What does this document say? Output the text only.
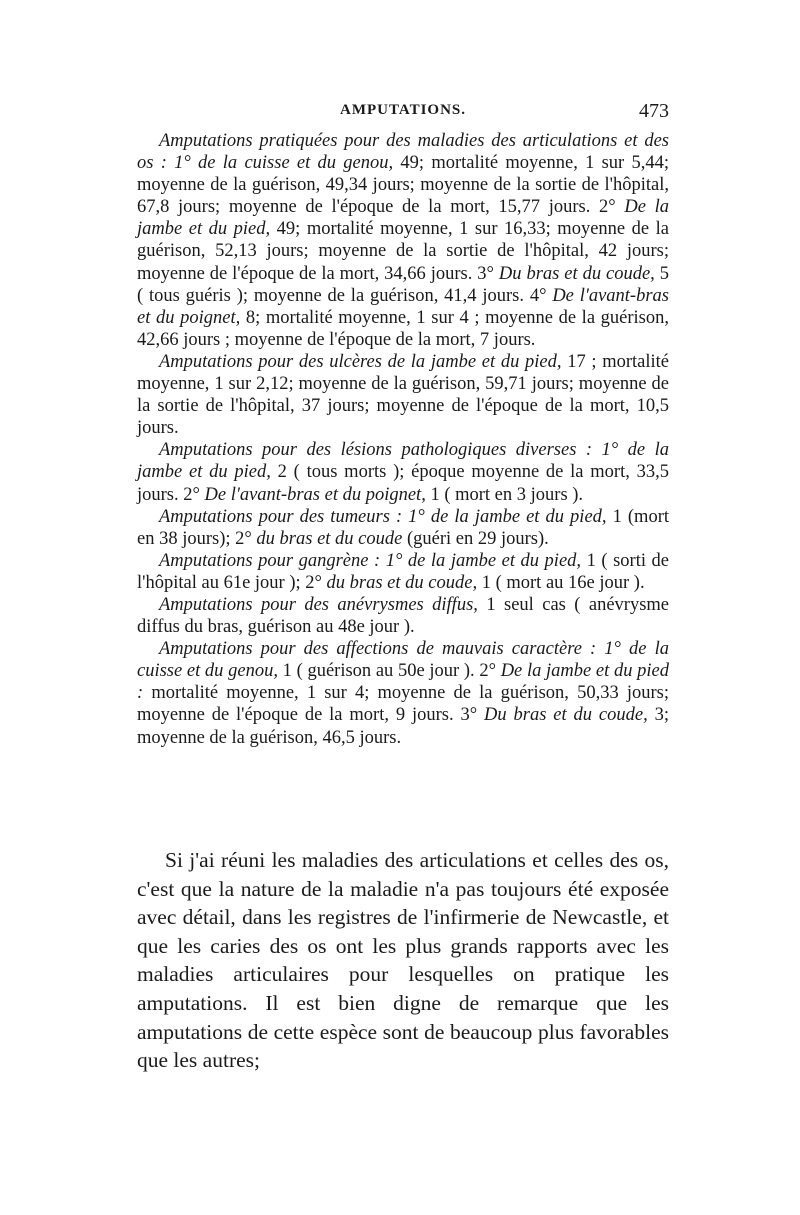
AMPUTATIONS.	473

Amputations pratiquées pour des maladies des articulations et des os : 1° de la cuisse et du genou, 49; mortalité moyenne, 1 sur 5,44; moyenne de la guérison, 49,34 jours; moyenne de la sortie de l'hôpital, 67,8 jours; moyenne de l'époque de la mort, 15,77 jours. 2° De la jambe et du pied, 49; mortalité moyenne, 1 sur 16,33; moyenne de la guérison, 52,13 jours; moyenne de la sortie de l'hôpital, 42 jours; moyenne de l'époque de la mort, 34,66 jours. 3° Du bras et du coude, 5 ( tous guéris ); moyenne de la guérison, 41,4 jours. 4° De l'avant-bras et du poignet, 8; mortalité moyenne, 1 sur 4 ; moyenne de la guérison, 42,66 jours ; moyenne de l'époque de la mort, 7 jours.

Amputations pour des ulcères de la jambe et du pied, 17 ; mortalité moyenne, 1 sur 2,12; moyenne de la guérison, 59,71 jours; moyenne de la sortie de l'hôpital, 37 jours; moyenne de l'époque de la mort, 10,5 jours.

Amputations pour des lésions pathologiques diverses : 1° de la jambe et du pied, 2 ( tous morts ); époque moyenne de la mort, 33,5 jours. 2° De l'avant-bras et du poignet, 1 ( mort en 3 jours ).

Amputations pour des tumeurs : 1° de la jambe et du pied, 1 (mort en 38 jours); 2° du bras et du coude (guéri en 29 jours).

Amputations pour gangrène : 1° de la jambe et du pied, 1 ( sorti de l'hôpital au 61e jour ); 2° du bras et du coude, 1 ( mort au 16e jour ).

Amputations pour des anévrysmes diffus, 1 seul cas ( anévrysme diffus du bras, guérison au 48e jour ).

Amputations pour des affections de mauvais caractère : 1° de la cuisse et du genou, 1 ( guérison au 50e jour ). 2° De la jambe et du pied : mortalité moyenne, 1 sur 4; moyenne de la guérison, 50,33 jours; moyenne de l'époque de la mort, 9 jours. 3° Du bras et du coude, 3; moyenne de la guérison, 46,5 jours.

Si j'ai réuni les maladies des articulations et celles des os, c'est que la nature de la maladie n'a pas toujours été exposée avec détail, dans les registres de l'infirmerie de Newcastle, et que les caries des os ont les plus grands rapports avec les maladies articulaires pour lesquelles on pratique les amputations. Il est bien digne de remarque que les amputations de cette espèce sont de beaucoup plus favorables que les autres;
